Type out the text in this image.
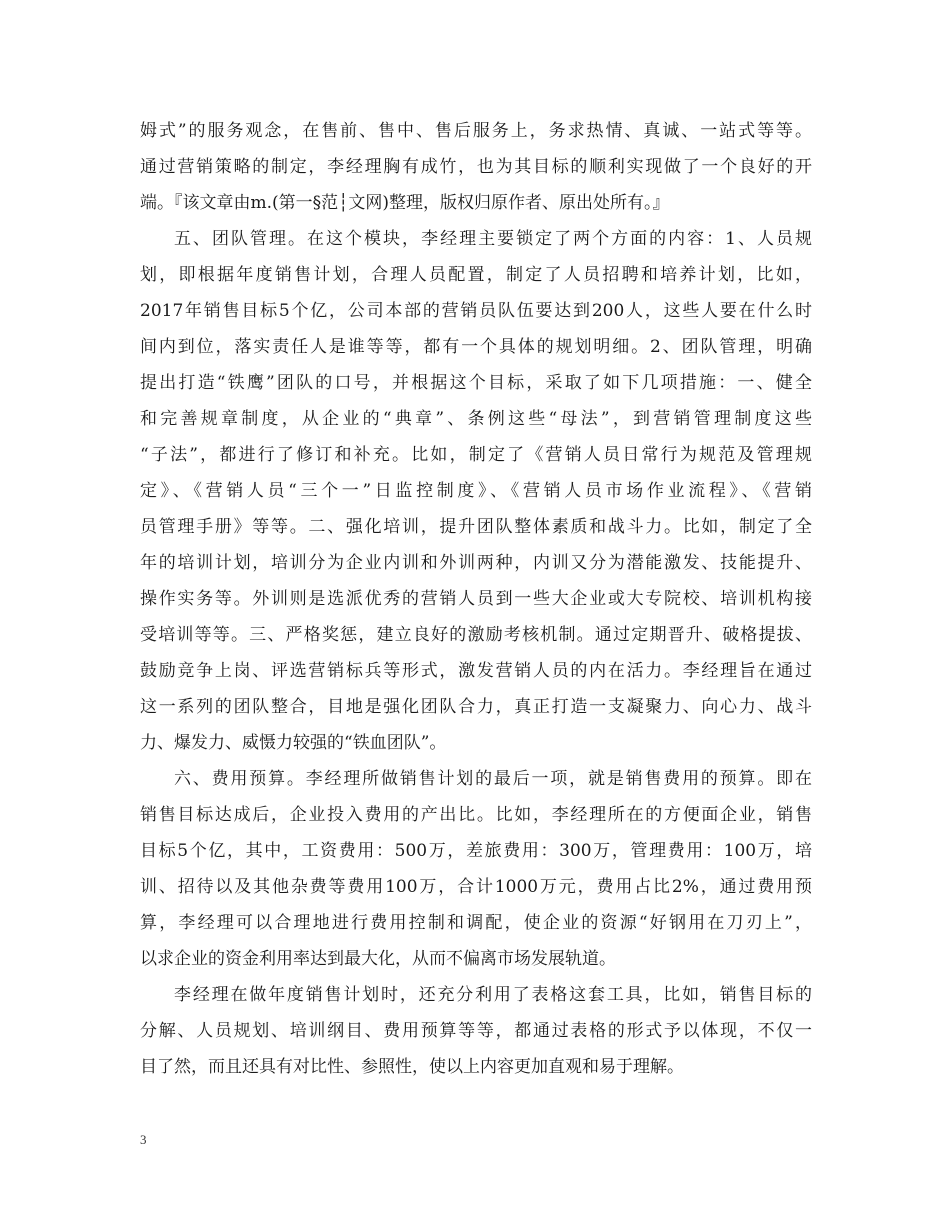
姆式”的服务观念，在售前、售中、售后服务上，务求热情、真诚、一站式等等。
通过营销策略的制定，李经理胸有成竹，也为其目标的顺利实现做了一个良好的开
端。『该文章由m.(第一§范┆文网)整理，版权归原作者、原出处所有。』
五、团队管理。在这个模块，李经理主要锁定了两个方面的内容：1、人员规
划，即根据年度销售计划，合理人员配置，制定了人员招聘和培养计划，比如，
2017年销售目标5个亿，公司本部的营销员队伍要达到200人，这些人要在什么时
间内到位，落实责任人是谁等等，都有一个具体的规划明细。2、团队管理，明确
提出打造“铁鹰”团队的口号，并根据这个目标，采取了如下几项措施：一、健全
和完善规章制度，从企业的“典章”、条例这些“母法”，到营销管理制度这些
“子法”，都进行了修订和补充。比如，制定了《营销人员日常行为规范及管理规
定》、《营销人员“三个一”日监控制度》、《营销人员市场作业流程》、《营销
员管理手册》等等。二、强化培训，提升团队整体素质和战斗力。比如，制定了全
年的培训计划，培训分为企业内训和外训两种，内训又分为潜能激发、技能提升、
操作实务等。外训则是选派优秀的营销人员到一些大企业或大专院校、培训机构接
受培训等等。三、严格奖惩，建立良好的激励考核机制。通过定期晋升、破格提拔、
鼓励竞争上岗、评选营销标兵等形式，激发营销人员的内在活力。李经理旨在通过
这一系列的团队整合，目地是强化团队合力，真正打造一支凝聚力、向心力、战斗
力、爆发力、威慑力较强的“铁血团队”。
六、费用预算。李经理所做销售计划的最后一项，就是销售费用的预算。即在
销售目标达成后，企业投入费用的产出比。比如，李经理所在的方便面企业，销售
目标5个亿，其中，工资费用：500万，差旅费用：300万，管理费用：100万，培
训、招待以及其他杂费等费用100万，合计1000万元，费用占比2%，通过费用预
算，李经理可以合理地进行费用控制和调配，使企业的资源“好钢用在刀刃上”，
以求企业的资金利用率达到最大化，从而不偏离市场发展轨道。
李经理在做年度销售计划时，还充分利用了表格这套工具，比如，销售目标的
分解、人员规划、培训纲目、费用预算等等，都通过表格的形式予以体现，不仅一
目了然，而且还具有对比性、参照性，使以上内容更加直观和易于理解。
3
